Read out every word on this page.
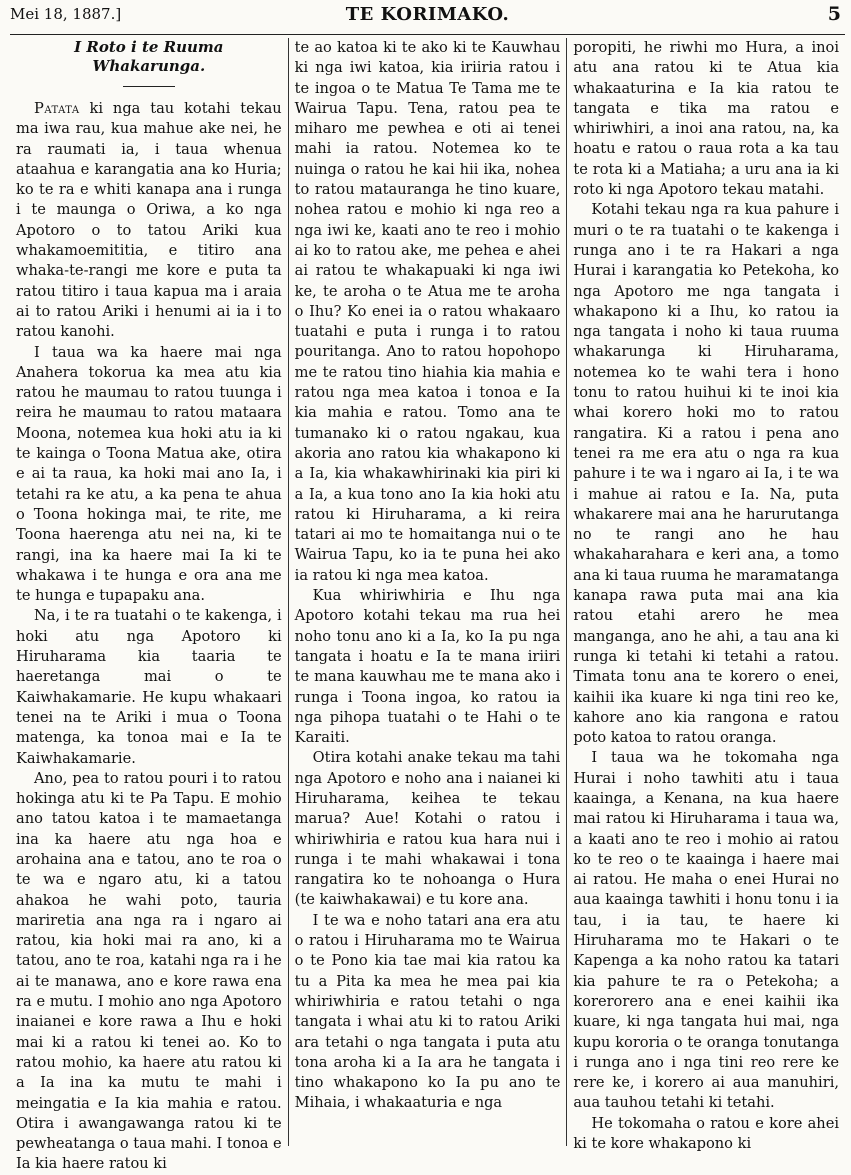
Mei 18, 1887.]	TE KORIMAKO.	5
I Roto i te Ruuma Whakarunga.

Patata ki nga tau kotahi tekau ma iwa rau, kua mahue ake nei, he ra raumati ia, i taua whenua ataahua e karangatia ana ko Huria; ko te ra e whiti kanapa ana i runga i te maunga o Oriwa, a ko nga Apotoro o to tatou Ariki kua whakamoemititia, e titiro ana whaka-te-rangi me kore e puta ta ratou titiro i taua kapua ma i araia ai to ratou Ariki i henumi ai ia i to ratou kanohi.

I taua wa ka haere mai nga Anahera tokorua ka mea atu kia ratou he maumau to ratou tuunga i reira he maumau to ratou mataara Moona, notemea kua hoki atu ia ki te kainga o Toona Matua ake, otira e ai ta raua, ka hoki mai ano Ia, i tetahi ra ke atu, a ka pena te ahua o Toona hokinga mai, te rite, me Toona haerenga atu nei na, ki te rangi, ina ka haere mai Ia ki te whakawa i te hunga e ora ana me te hunga e tupapaku ana.

Na, i te ra tuatahi o te kakenga, i hoki atu nga Apotoro ki Hiruharama kia taaria te haeretanga mai o te Kaiwhakamarie. He kupu whakaari tenei na te Ariki i mua o Toona matenga, ka tonoa mai e Ia te Kaiwhakamarie.

Ano, pea to ratou pouri i to ratou hokinga atu ki te Pa Tapu. E mohio ano tatou katoa i te mamaetanga ina ka haere atu nga hoa e arohaina ana e tatou, ano te roa o te wa e ngaro atu, ki a tatou ahakoa he wahi poto, tauria mariretia ana nga ra i ngaro ai ratou, kia hoki mai ra ano, ki a tatou, ano te roa, katahi nga ra i he ai te manawa, ano e kore rawa ena ra e mutu. I mohio ano nga Apotoro inaianei e kore rawa a Ihu e hoki mai ki a ratou ki tenei ao. Ko to ratou mohio, ka haere atu ratou ki a Ia ina ka mutu te mahi i meingatia e Ia kia mahia e ratou. Otira i awangawanga ratou ki te pewheatanga o taua mahi. I tonoa e Ia kia haere ratou ki

te ao katoa ki te ako ki te Kauwhau ki nga iwi katoa, kia iriiria ratou i te ingoa o te Matua Te Tama me te Wairua Tapu. Tena, ratou pea te miharo me pewhea e oti ai tenei mahi ia ratou. Notemea ko te nuinga o ratou he kai hii ika, nohea to ratou matauranga he tino kuare, nohea ratou e mohio ki nga reo a nga iwi ke, kaati ano te reo i mohio ai ko to ratou ake, me pehea e ahei ai ratou te whakapuaki ki nga iwi ke, te aroha o te Atua me te aroha o Ihu? Ko enei ia o ratou whakaaro tuatahi e puta i runga i to ratou pouritanga. Ano to ratou hopohopo me te ratou tino hiahia kia mahia e ratou nga mea katoa i tonoa e Ia kia mahia e ratou. Tomo ana te tumanako ki o ratou ngakau, kua akoria ano ratou kia whakapono ki a Ia, kia whakawhirinaki kia piri ki a Ia, a kua tono ano Ia kia hoki atu ratou ki Hiruharama, a ki reira tatari ai mo te homaitanga nui o te Wairua Tapu, ko ia te puna hei ako ia ratou ki nga mea katoa.

Kua whiriwhiria e Ihu nga Apotoro kotahi tekau ma rua hei noho tonu ano ki a Ia, ko Ia pu nga tangata i hoatu e Ia te mana iriiri te mana kauwhau me te mana ako i runga i Toona ingoa, ko ratou ia nga pihopa tuatahi o te Hahi o te Karaiti.

Otira kotahi anake tekau ma tahi nga Apotoro e noho ana i naianei ki Hiruharama, keihea te tekau marua? Aue! Kotahi o ratou i whiriwhiria e ratou kua hara nui i runga i te mahi whakawai i tona rangatira ko te nohoanga o Hura (te kaiwhakawai) e tu kore ana.

I te wa e noho tatari ana era atu o ratou i Hiruharama mo te Wairua o te Pono kia tae mai kia ratou ka tu a Pita ka mea he mea pai kia whiriwhiria e ratou tetahi o nga tangata i whai atu ki to ratou Ariki ara tetahi o nga tangata i puta atu tona aroha ki a Ia ara he tangata i tino whakapono ko Ia pu ano te Mihaia, i whakaaturia e nga

poropiti, he riwhi mo Hura, a inoi atu ana ratou ki te Atua kia whakaaturina e Ia kia ratou te tangata e tika ma ratou e whiriwhiri, a inoi ana ratou, na, ka hoatu e ratou o raua rota a ka tau te rota ki a Matiaha; a uru ana ia ki roto ki nga Apotoro tekau matahi.

Kotahi tekau nga ra kua pahure i muri o te ra tuatahi o te kakenga i runga ano i te ra Hakari a nga Hurai i karangatia ko Petekoha, ko nga Apotoro me nga tangata i whakapono ki a Ihu, ko ratou ia nga tangata i noho ki taua ruuma whakarunga ki Hiruharama, notemea ko te wahi tera i hono tonu to ratou huihui ki te inoi kia whai korero hoki mo to ratou rangatira. Ki a ratou i pena ano tenei ra me era atu o nga ra kua pahure i te wa i ngaro ai Ia, i te wa i mahue ai ratou e Ia. Na, puta whakarere mai ana he harurutanga no te rangi ano he hau whakaharahara e keri ana, a tomo ana ki taua ruuma he maramatanga kanapa rawa puta mai ana kia ratou etahi arero he mea manganga, ano he ahi, a tau ana ki runga ki tetahi ki tetahi a ratou. Timata tonu ana te korero o enei, kaihii ika kuare ki nga tini reo ke, kahore ano kia rangona e ratou poto katoa to ratou oranga.

I taua wa he tokomaha nga Hurai i noho tawhiti atu i taua kaainga, a Kenana, na kua haere mai ratou ki Hiruharama i taua wa, a kaati ano te reo i mohio ai ratou ko te reo o te kaainga i haere mai ai ratou. He maha o enei Hurai no aua kaainga tawhiti i honu tonu i ia tau, i ia tau, te haere ki Hiruharama mo te Hakari o te Kapenga a ka noho ratou ka tatari kia pahure te ra o Petekoha; a korerorero ana e enei kaihii ika kuare, ki nga tangata hui mai, nga kupu kororia o te oranga tonutanga i runga ano i nga tini reo rere ke rere ke, i korero ai aua manuhiri, aua tauhou tetahi ki tetahi.

He tokomaha o ratou e kore ahei ki te kore whakapono ki
